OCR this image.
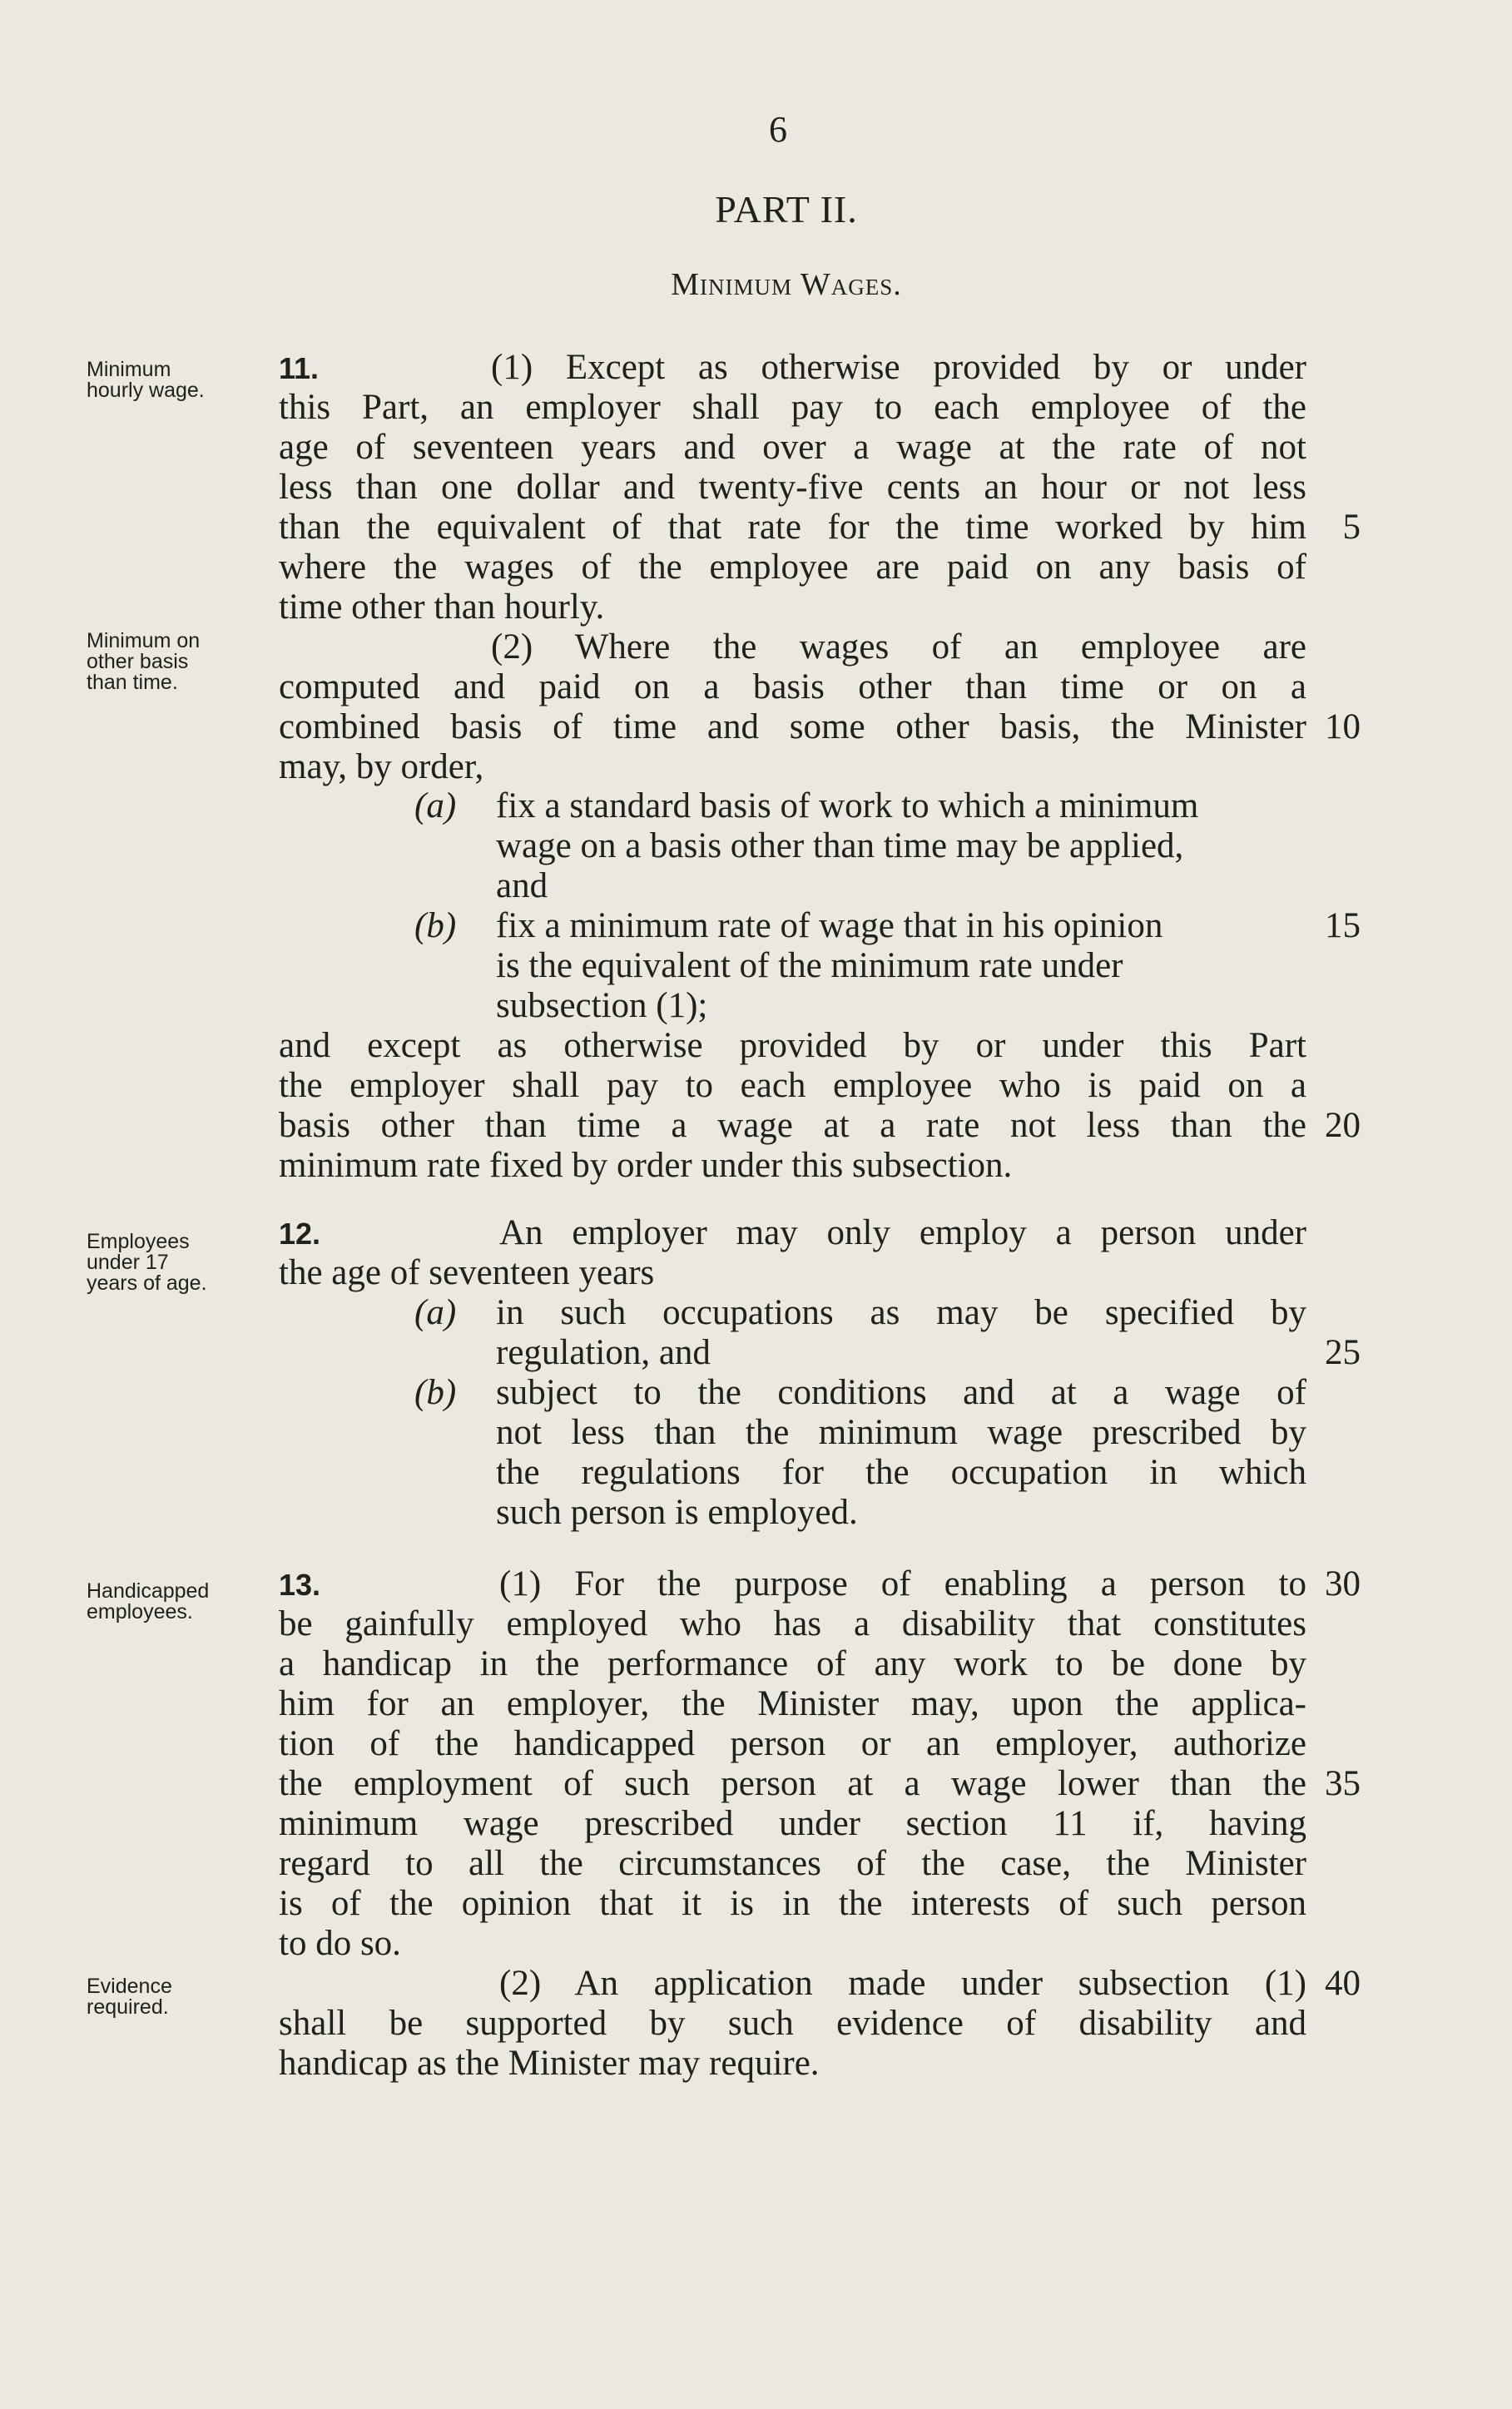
6
PART II.
Minimum Wages.
Minimum
hourly wage.
Minimum on
other basis
than time.
Employees
under 17
years of age.
Handicapped
employees.
Evidence
required.
11.	(1) Except as otherwise provided by or under
this Part, an employer shall pay to each employee of the
age of seventeen years and over a wage at the rate of not
less than one dollar and twenty-five cents an hour or not less
than the equivalent of that rate for the time worked by him
where the wages of the employee are paid on any basis of
time other than hourly.
(2) Where the wages of an employee are
computed and paid on a basis other than time or on a
combined basis of time and some other basis, the Minister
may, by order,
(a)	fix a standard basis of work to which a minimum
wage on a basis other than time may be applied,
and
(b)	fix a minimum rate of wage that in his opinion
is the equivalent of the minimum rate under
subsection (1);
and except as otherwise provided by or under this Part
the employer shall pay to each employee who is paid on a
basis other than time a wage at a rate not less than the
minimum rate fixed by order under this subsection.
12.	An employer may only employ a person under
the age of seventeen years
(a)	in such occupations as may be specified by
regulation, and
(b)	subject to the conditions and at a wage of
not less than the minimum wage prescribed by
the regulations for the occupation in which
such person is employed.
13.	(1) For the purpose of enabling a person to
be gainfully employed who has a disability that constitutes
a handicap in the performance of any work to be done by
him for an employer, the Minister may, upon the applica-
tion of the handicapped person or an employer, authorize
the employment of such person at a wage lower than the
minimum wage prescribed under section 11 if, having
regard to all the circumstances of the case, the Minister
is of the opinion that it is in the interests of such person
to do so.
(2) An application made under subsection (1)
shall be supported by such evidence of disability and
handicap as the Minister may require.
5
10
15
20
25
30
35
40
